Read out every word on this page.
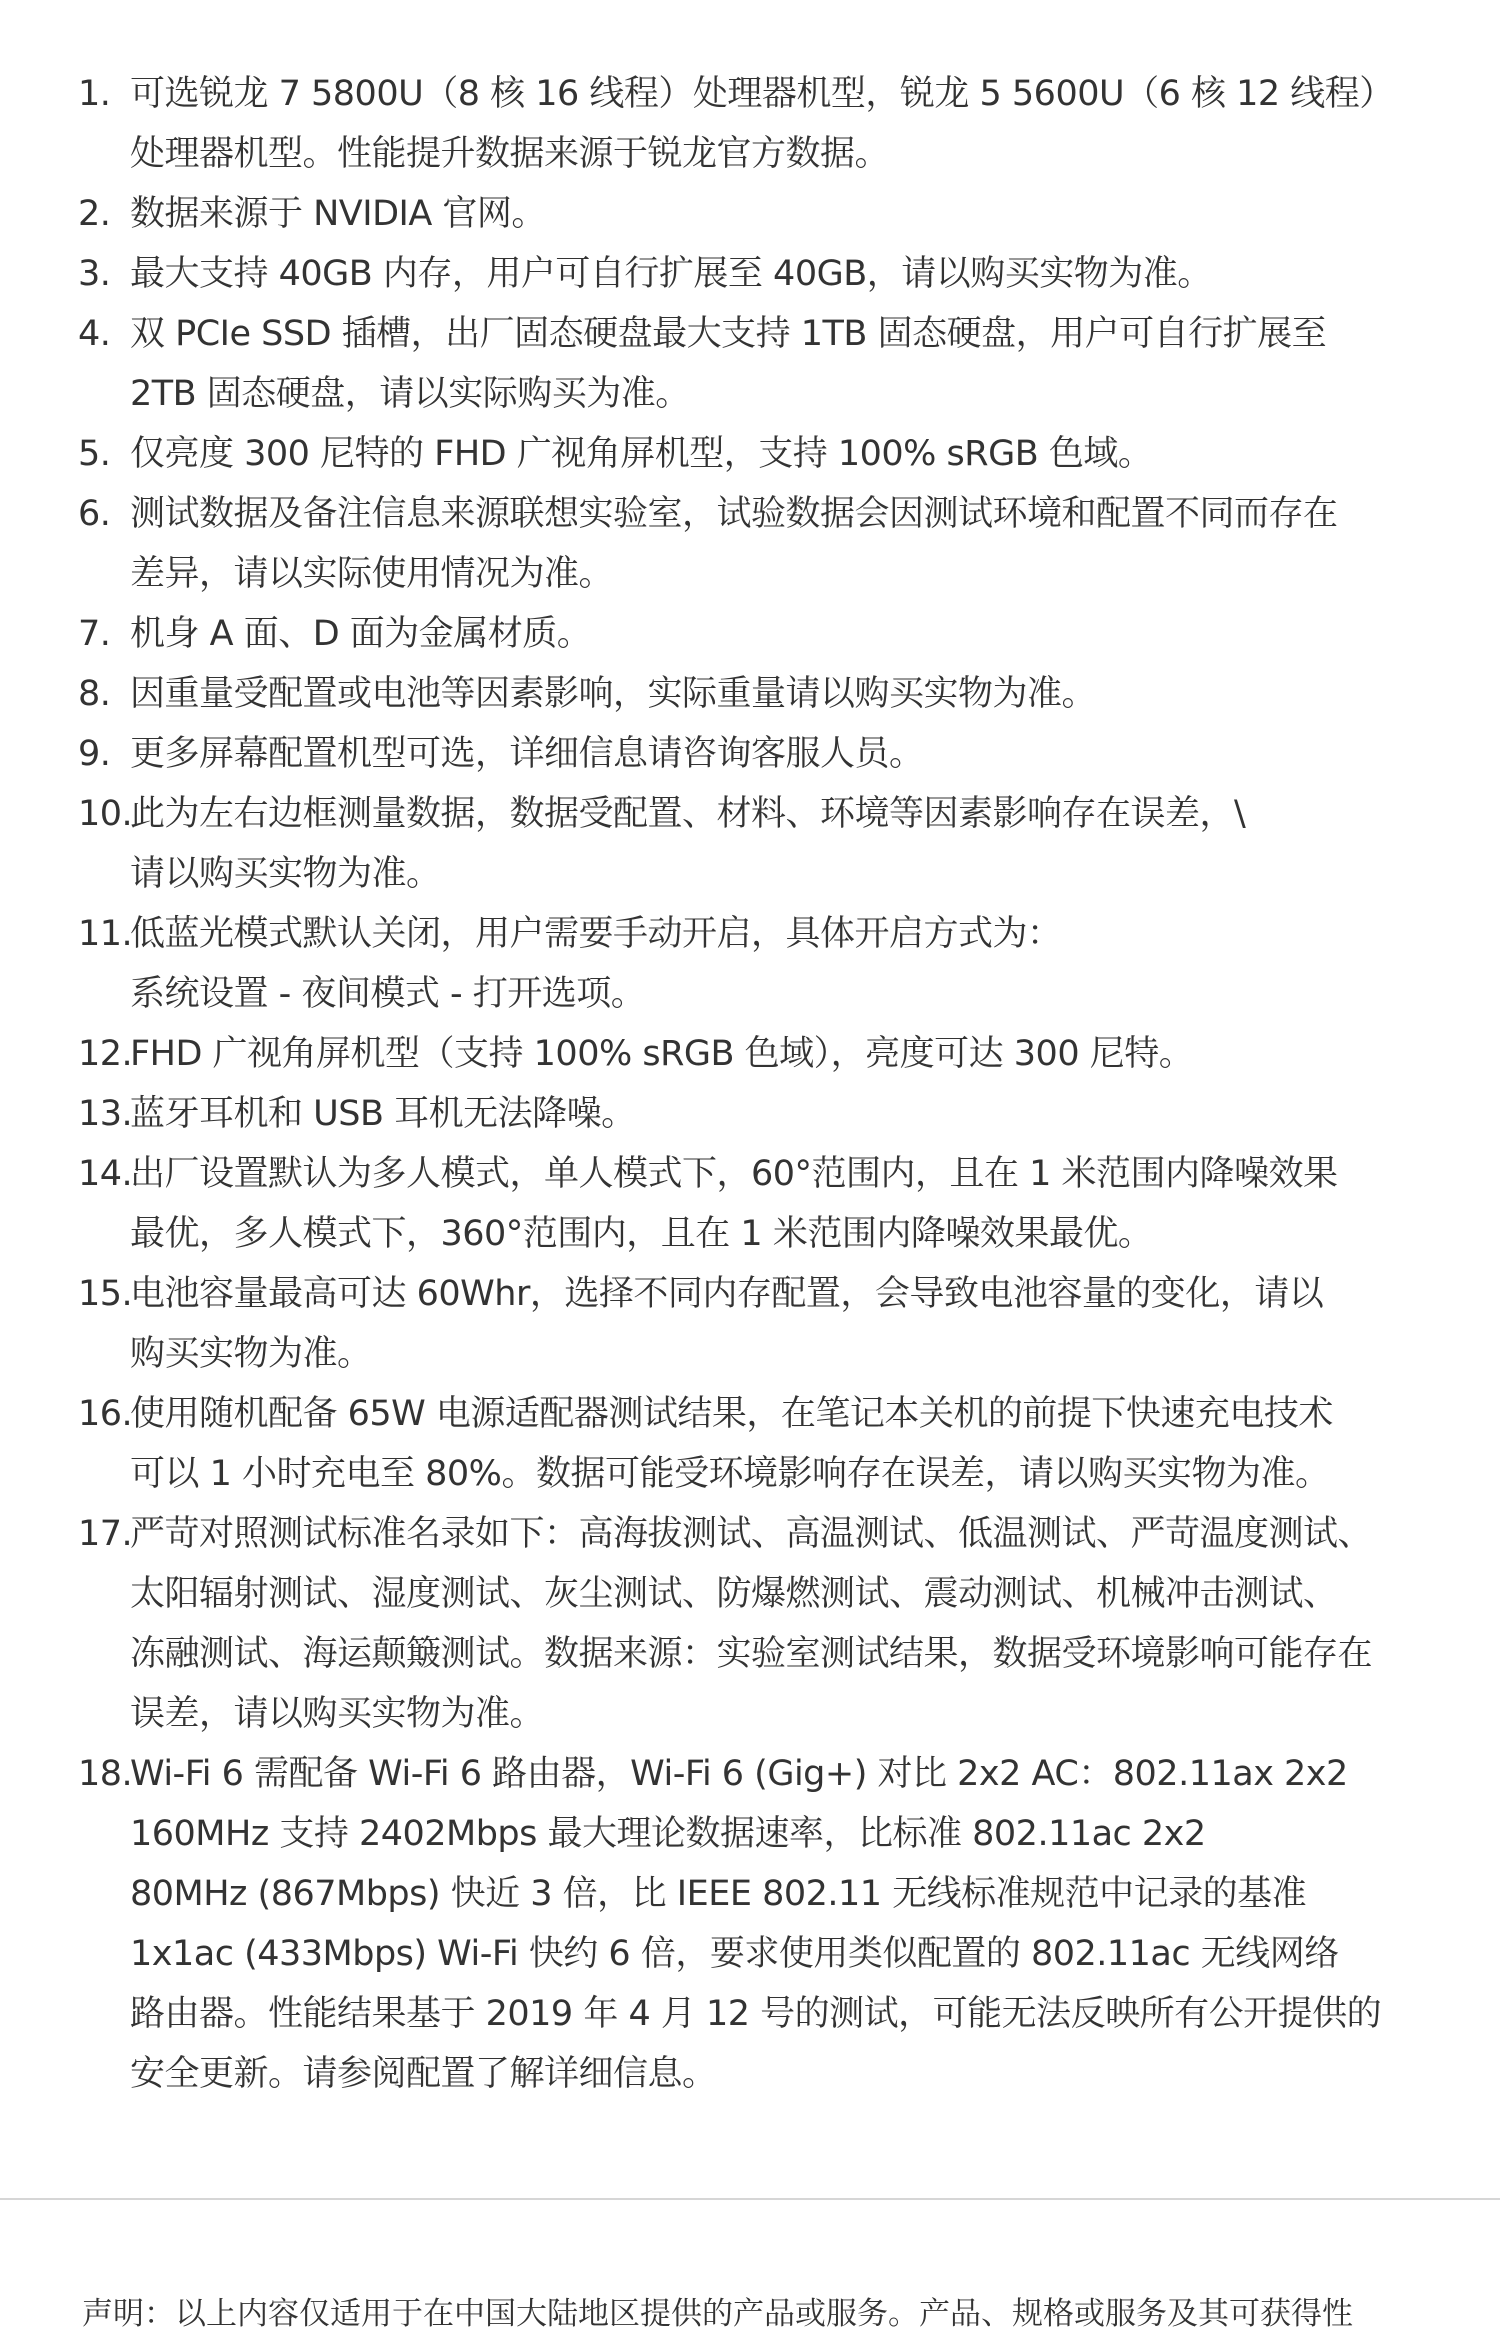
1. 可选锐龙 7 5800U（8 核 16 线程）处理器机型，锐龙 5 5600U（6 核 12 线程）
处理器机型。性能提升数据来源于锐龙官方数据。
2. 数据来源于 NVIDIA 官网。
3. 最大支持 40GB 内存，用户可自行扩展至 40GB，请以购买实物为准。
4. 双 PCIe SSD 插槽，出厂固态硬盘最大支持 1TB 固态硬盘，用户可自行扩展至
2TB 固态硬盘，请以实际购买为准。
5. 仅亮度 300 尼特的 FHD 广视角屏机型，支持 100% sRGB 色域。
6. 测试数据及备注信息来源联想实验室，试验数据会因测试环境和配置不同而存在
差异，请以实际使用情况为准。
7. 机身 A 面、D 面为金属材质。
8. 因重量受配置或电池等因素影响，实际重量请以购买实物为准。
9. 更多屏幕配置机型可选，详细信息请咨询客服人员。
10.
此为左右边框测量数据，数据受配置、材料、环境等因素影响存在误差，\
请以购买实物为准。
11.
低蓝光模式默认关闭，用户需要手动开启，具体开启方式为：
系统设置 - 夜间模式 - 打开选项。
12.
FHD 广视角屏机型（支持 100% sRGB 色域），亮度可达 300 尼特。
13.
蓝牙耳机和 USB 耳机无法降噪。
14.
出厂设置默认为多人模式，单人模式下，60°范围内，且在 1 米范围内降噪效果
最优，多人模式下，360°范围内，且在 1 米范围内降噪效果最优。
15.
电池容量最高可达 60Whr，选择不同内存配置，会导致电池容量的变化，请以
购买实物为准。
16.
使用随机配备 65W 电源适配器测试结果，在笔记本关机的前提下快速充电技术
可以 1 小时充电至 80%。数据可能受环境影响存在误差，请以购买实物为准。
17.
严苛对照测试标准名录如下：高海拔测试、高温测试、低温测试、严苛温度测试、
太阳辐射测试、湿度测试、灰尘测试、防爆燃测试、震动测试、机械冲击测试、
冻融测试、海运颠簸测试。数据来源：实验室测试结果，数据受环境影响可能存在
误差，请以购买实物为准。
18.
Wi-Fi 6 需配备 Wi-Fi 6 路由器，Wi-Fi 6 (Gig+) 对比 2x2 AC：802.11ax 2x2
160MHz 支持 2402Mbps 最大理论数据速率，比标准 802.11ac 2x2
80MHz (867Mbps) 快近 3 倍，比 IEEE 802.11 无线标准规范中记录的基准
1x1ac (433Mbps) Wi-Fi 快约 6 倍，要求使用类似配置的 802.11ac 无线网络
路由器。性能结果基于 2019 年 4 月 12 号的测试，可能无法反映所有公开提供的
安全更新。请参阅配置了解详细信息。
声明：以上内容仅适用于在中国大陆地区提供的产品或服务。产品、规格或服务及其可获得性
